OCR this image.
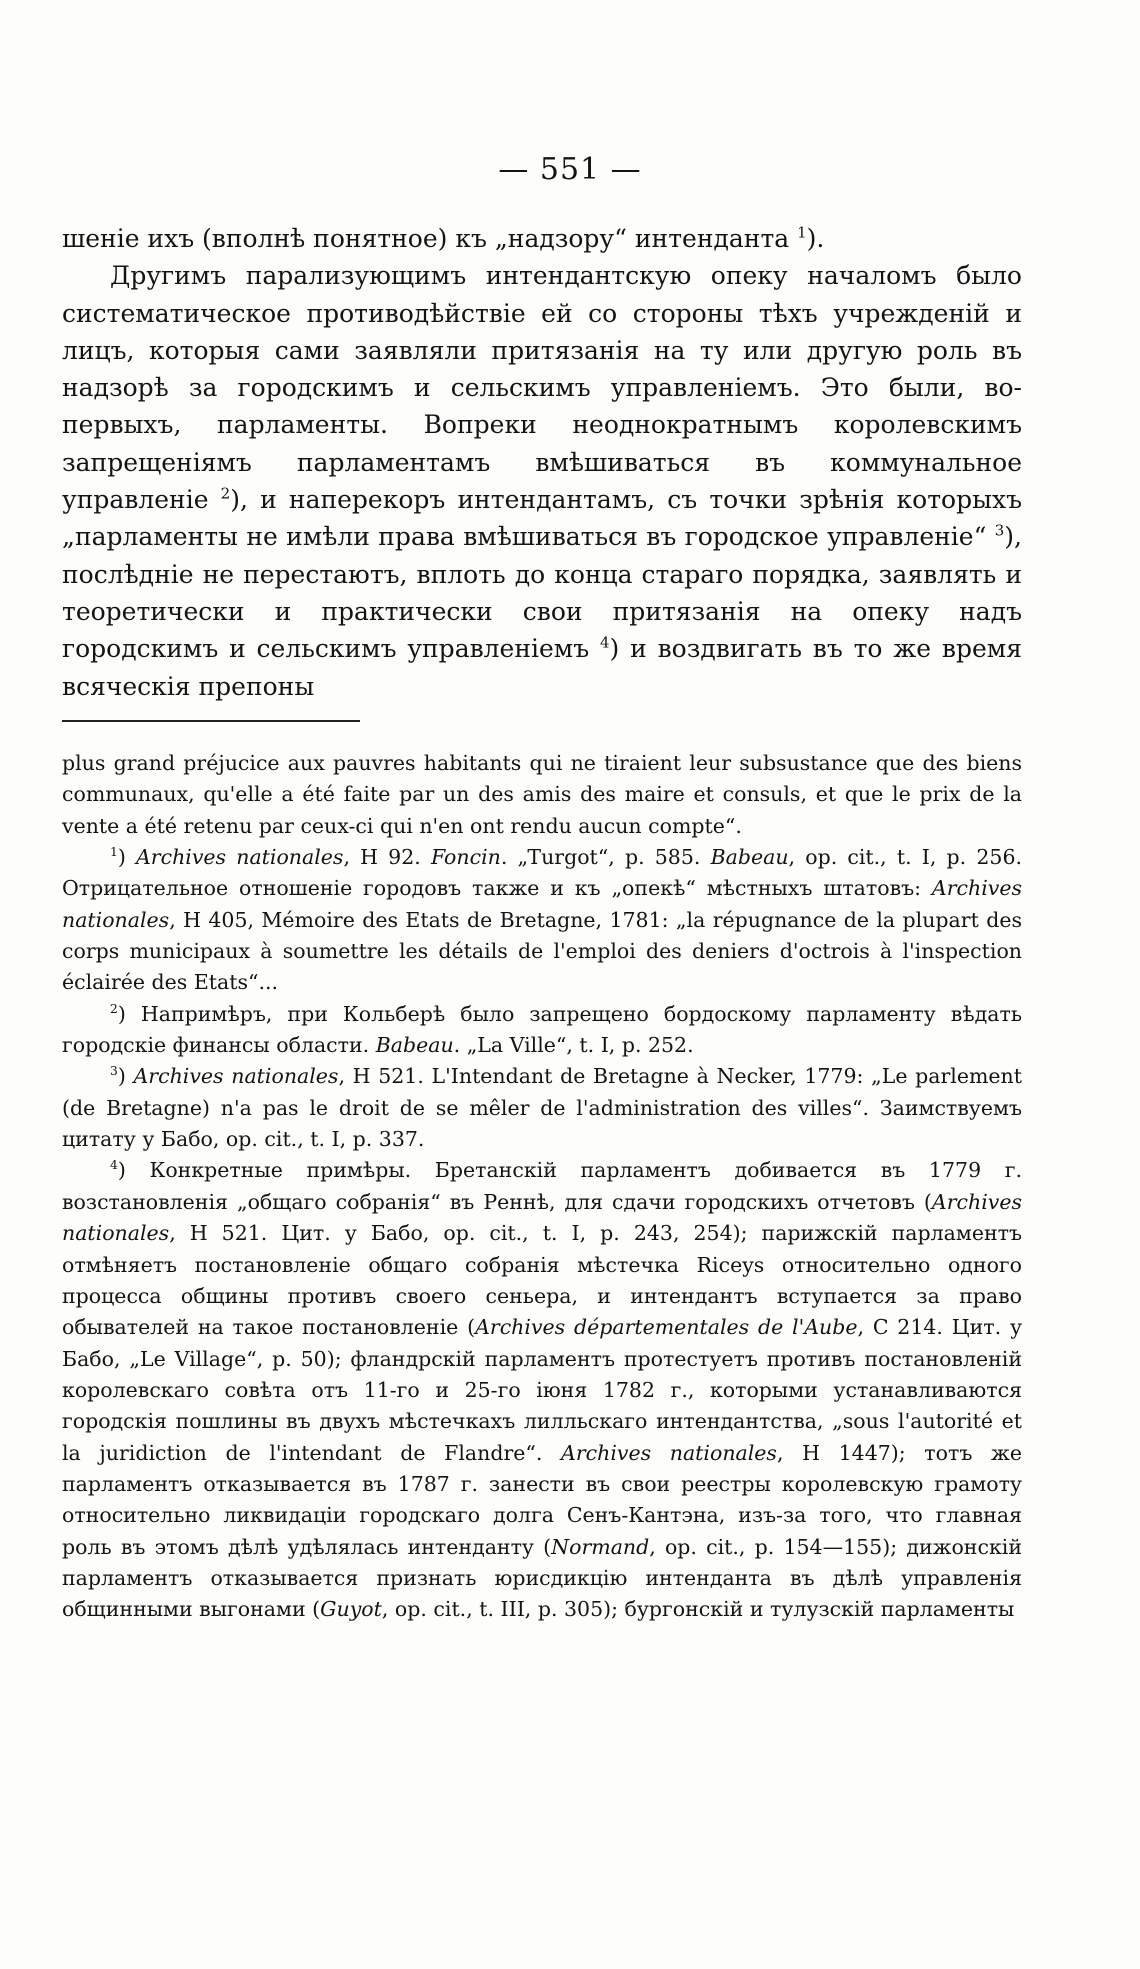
— 551 —

шеніе ихъ (вполнѣ понятное) къ „надзору“ интенданта $^1$).

Другимъ парализующимъ интендантскую опеку началомъ было систематическое противодѣйствіе ей со стороны тѣхъ учрежденій и лицъ, которыя сами заявляли притязанія на ту или другую роль въ надзорѣ за городскимъ и сельскимъ управленіемъ. Это были, во-первыхъ, парламенты. Вопреки неоднократнымъ королевскимъ запрещеніямъ парламентамъ вмѣшиваться въ коммунальное управленіе $^2$), и наперекоръ интендантамъ, съ точки зрѣнія которыхъ „парламенты не имѣли права вмѣшиваться въ городское управленіе“ $^3$), послѣдніе не перестаютъ, вплоть до конца стараго порядка, заявлять и теоретически и практически свои притязанія на опеку надъ городскимъ и сельскимъ управленіемъ $^4$) и воздвигать въ то же время всяческія препоны

plus grand préjucice aux pauvres habitants qui ne tiraient leur subsustance que des biens communaux, qu'elle a été faite par un des amis des maire et consuls, et que le prix de la vente a été retenu par ceux-ci qui n'en ont rendu aucun compte“.

$^1$) Archives nationales, H 92. Foncin. „Turgot“, p. 585. Babeau, op. cit., t. I, p. 256. Отрицательное отношеніе городовъ также и къ „опекѣ“ мѣстныхъ штатовъ: Archives nationales, H 405, Mémoire des Etats de Bretagne, 1781: „la répugnance de la plupart des corps municipaux à soumettre les détails de l'emploi des deniers d'octrois à l'inspection éclairée des Etats“...

$^2$) Напримѣръ, при Кольберѣ было запрещено бордоскому парламенту вѣдать городскіе финансы области. Babeau. „La Ville“, t. I, p. 252.

$^3$) Archives nationales, H 521. L'Intendant de Bretagne à Necker, 1779: „Le parlement (de Bretagne) n'a pas le droit de se mêler de l'administration des villes“. Заимствуемъ цитату у Бабо, op. cit., t. I, p. 337.

$^4$) Конкретные примѣры. Бретанскій парламентъ добивается въ 1779 г. возстановленія „общаго собранія“ въ Реннѣ, для сдачи городскихъ отчетовъ (Archives nationales, H 521. Цит. у Бабо, op. cit., t. I, p. 243, 254); парижскій парламентъ отмѣняетъ постановленіе общаго собранія мѣстечка Riceys относительно одного процесса общины противъ своего сеньера, и интендантъ вступается за право обывателей на такое постановленіе (Archives départementales de l'Aube, C 214. Цит. у Бабо, „Le Village“, p. 50); фландрскій парламентъ протестуетъ противъ постановленій королевскаго совѣта отъ 11-го и 25-го іюня 1782 г., которыми устанавливаются городскія пошлины въ двухъ мѣстечкахъ лилльскаго интендантства, „sous l'autorité et la juridiction de l'intendant de Flandre“. Archives nationales, H 1447); тотъ же парламентъ отказывается въ 1787 г. занести въ свои реестры королевскую грамоту относительно ликвидаціи городскаго долга Сенъ-Кантэна, изъ-за того, что главная роль въ этомъ дѣлѣ удѣлялась интенданту (Normand, op. cit., p. 154—155); дижонскій парламентъ отказывается признать юрисдикцію интенданта въ дѣлѣ управленія общинными выгонами (Guyot, op. cit., t. III, p. 305); бургонскій и тулузскій парламенты
